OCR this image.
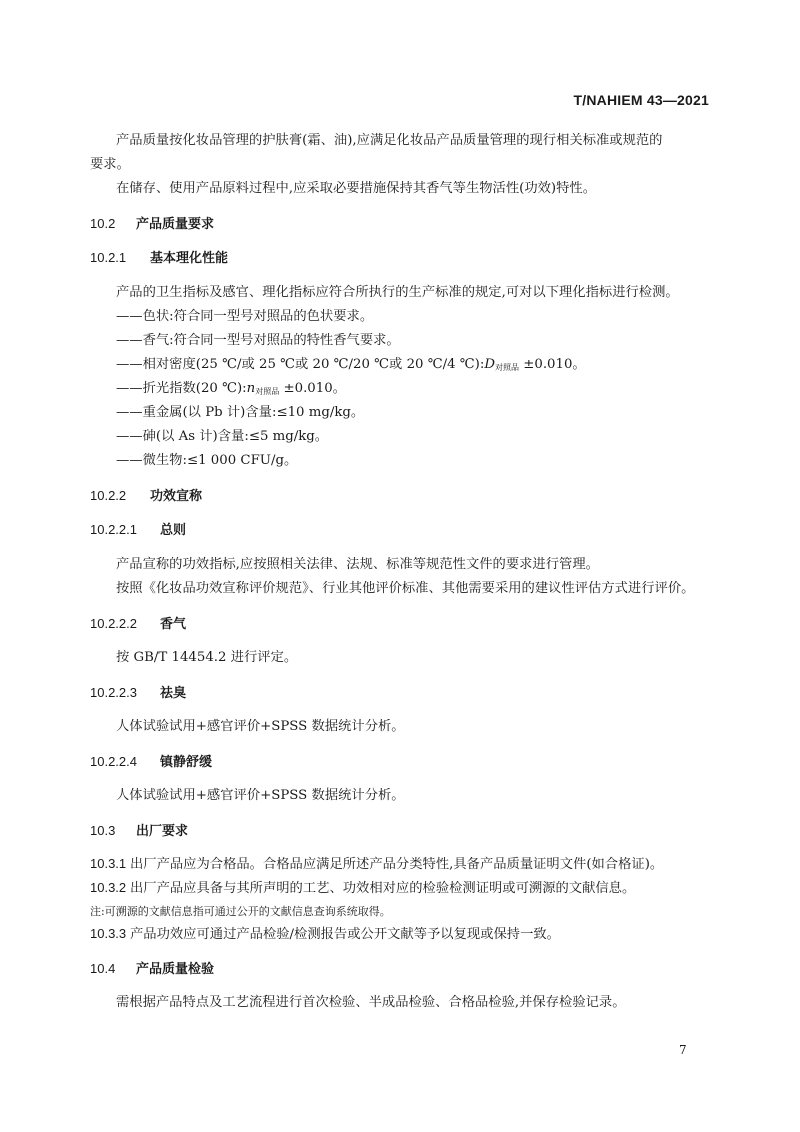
T/NAHIEM 43—2021
产品质量按化妆品管理的护肤膏(霜、油),应满足化妆品产品质量管理的现行相关标准或规范的
要求。
在储存、使用产品原料过程中,应采取必要措施保持其香气等生物活性(功效)特性。
10.2 产品质量要求
10.2.1 基本理化性能
产品的卫生指标及感官、理化指标应符合所执行的生产标准的规定,可对以下理化指标进行检测。
——色状:符合同一型号对照品的色状要求。
——香气:符合同一型号对照品的特性香气要求。
——相对密度(25 ℃/或 25 ℃或 20 ℃/20 ℃或 20 ℃/4 $℃):D_{对照品} \pm 0.010$。
——折光指数(20 $℃):n_{对照品} \pm 0.010$。
——重金属(以 Pb 计)含量:≤10 mg/kg。
——砷(以 As 计)含量:≤5 mg/kg。
——微生物:≤1 000 CFU/g。
10.2.2 功效宣称
10.2.2.1 总则
产品宣称的功效指标,应按照相关法律、法规、标准等规范性文件的要求进行管理。
按照《化妆品功效宣称评价规范》、行业其他评价标准、其他需要采用的建议性评估方式进行评价。
10.2.2.2 香气
按 GB/T 14454.2 进行评定。
10.2.2.3 祛臭
人体试验试用+感官评价+SPSS 数据统计分析。
10.2.2.4 镇静舒缓
人体试验试用+感官评价+SPSS 数据统计分析。
10.3 出厂要求
10.3.1 出厂产品应为合格品。合格品应满足所述产品分类特性,具备产品质量证明文件(如合格证)。
10.3.2 出厂产品应具备与其所声明的工艺、功效相对应的检验检测证明或可溯源的文献信息。
注:可溯源的文献信息指可通过公开的文献信息查询系统取得。
10.3.3 产品功效应可通过产品检验/检测报告或公开文献等予以复现或保持一致。
10.4 产品质量检验
需根据产品特点及工艺流程进行首次检验、半成品检验、合格品检验,并保存检验记录。
7
